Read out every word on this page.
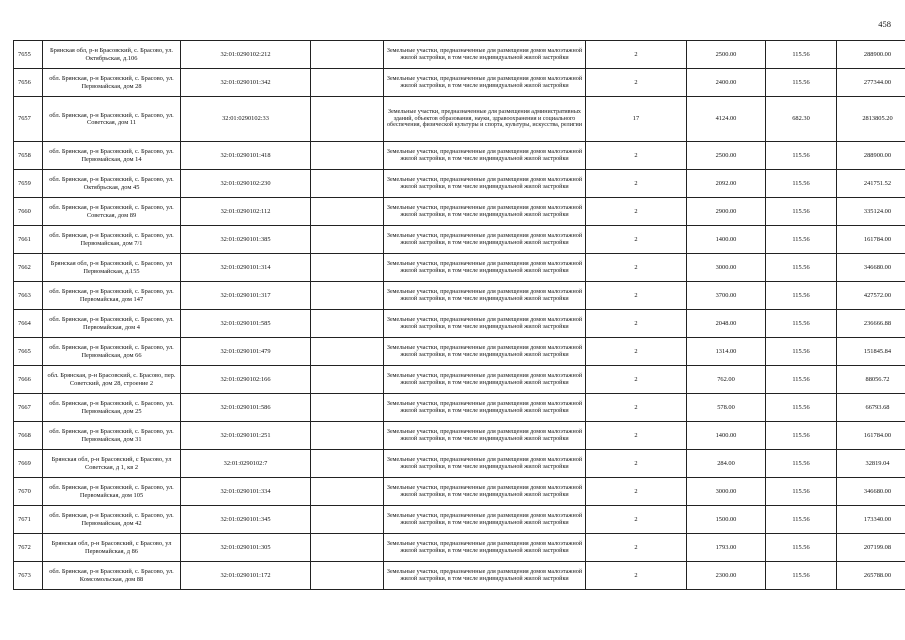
458
7655	Брянская обл, р-н Брасовский, с. Брасово, ул. Октябрьская, д.106	32:01:0290102:212		Земельные участки, предназначенные для размещения домов малоэтажной жилой застройки, в том числе индивидуальной жилой застройки	2	2500.00	115.56	288900.00
7656	обл. Брянская, р-н Брасовский, с. Брасово, ул. Первомайская, дом 28	32:01:0290101:342		Земельные участки, предназначенные для размещения домов малоэтажной жилой застройки, в том числе индивидуальной жилой застройки	2	2400.00	115.56	277344.00
7657	обл. Брянская, р-н Брасовский, с. Брасово, ул. Советская, дом 11	32:01:0290102:33		Земельные участки, предназначенные для размещения административных зданий, объектов образования, науки, здравоохранения и социального обеспечения, физической культуры и спорта, культуры, искусства, религии	17	4124.00	682.30	2813805.20
7658	обл. Брянская, р-н Брасовский, с. Брасово, ул. Первомайская, дом 14	32:01:0290101:418		Земельные участки, предназначенные для размещения домов малоэтажной жилой застройки, в том числе индивидуальной жилой застройки	2	2500.00	115.56	288900.00
7659	обл. Брянская, р-н Брасовский, с. Брасово, ул. Октябрьская, дом 45	32:01:0290102:230		Земельные участки, предназначенные для размещения домов малоэтажной жилой застройки, в том числе индивидуальной жилой застройки	2	2092.00	115.56	241751.52
7660	обл. Брянская, р-н Брасовский, с. Брасово, ул. Советская, дом 89	32:01:0290102:112		Земельные участки, предназначенные для размещения домов малоэтажной жилой застройки, в том числе индивидуальной жилой застройки	2	2900.00	115.56	335124.00
7661	обл. Брянская, р-н Брасовский, с. Брасово, ул. Первомайская, дом 7/1	32:01:0290101:385		Земельные участки, предназначенные для размещения домов малоэтажной жилой застройки, в том числе индивидуальной жилой застройки	2	1400.00	115.56	161784.00
7662	Брянская обл, р-н Брасовский, с. Брасово, ул Первомайская, д.155	32:01:0290101:314		Земельные участки, предназначенные для размещения домов малоэтажной жилой застройки, в том числе индивидуальной жилой застройки	2	3000.00	115.56	346680.00
7663	обл. Брянская, р-н Брасовский, с. Брасово, ул. Первомайская, дом 147	32:01:0290101:317		Земельные участки, предназначенные для размещения домов малоэтажной жилой застройки, в том числе индивидуальной жилой застройки	2	3700.00	115.56	427572.00
7664	обл. Брянская, р-н Брасовский, с. Брасово, ул. Первомайская, дом 4	32:01:0290101:585		Земельные участки, предназначенные для размещения домов малоэтажной жилой застройки, в том числе индивидуальной жилой застройки	2	2048.00	115.56	236666.88
7665	обл. Брянская, р-н Брасовский, с. Брасово, ул. Первомайская, дом 66	32:01:0290101:479		Земельные участки, предназначенные для размещения домов малоэтажной жилой застройки, в том числе индивидуальной жилой застройки	2	1314.00	115.56	151845.84
7666	обл. Брянская, р-н Брасовский, с. Брасово, пер. Советский, дом 28, строение 2	32:01:0290102:166		Земельные участки, предназначенные для размещения домов малоэтажной жилой застройки, в том числе индивидуальной жилой застройки	2	762.00	115.56	88056.72
7667	обл. Брянская, р-н Брасовский, с. Брасово, ул. Первомайская, дом 25	32:01:0290101:586		Земельные участки, предназначенные для размещения домов малоэтажной жилой застройки, в том числе индивидуальной жилой застройки	2	578.00	115.56	66793.68
7668	обл. Брянская, р-н Брасовский, с. Брасово, ул. Первомайская, дом 31	32:01:0290101:251		Земельные участки, предназначенные для размещения домов малоэтажной жилой застройки, в том числе индивидуальной жилой застройки	2	1400.00	115.56	161784.00
7669	Брянская обл, р-н Брасовский, с Брасово, ул Советская, д 1, кв 2	32:01:0290102:7		Земельные участки, предназначенные для размещения домов малоэтажной жилой застройки, в том числе индивидуальной жилой застройки	2	284.00	115.56	32819.04
7670	обл. Брянская, р-н Брасовский, с. Брасово, ул. Первомайская, дом 105	32:01:0290101:334		Земельные участки, предназначенные для размещения домов малоэтажной жилой застройки, в том числе индивидуальной жилой застройки	2	3000.00	115.56	346680.00
7671	обл. Брянская, р-н Брасовский, с. Брасово, ул. Первомайская, дом 42	32:01:0290101:345		Земельные участки, предназначенные для размещения домов малоэтажной жилой застройки, в том числе индивидуальной жилой застройки	2	1500.00	115.56	173340.00
7672	Брянская обл, р-н Брасовский, с Брасово, ул Первомайская, д 86	32:01:0290101:305		Земельные участки, предназначенные для размещения домов малоэтажной жилой застройки, в том числе индивидуальной жилой застройки	2	1793.00	115.56	207199.08
7673	обл. Брянская, р-н Брасовский, с. Брасово, ул. Комсомольская, дом 88	32:01:0290101:172		Земельные участки, предназначенные для размещения домов малоэтажной жилой застройки, в том числе индивидуальной жилой застройки	2	2300.00	115.56	265788.00
